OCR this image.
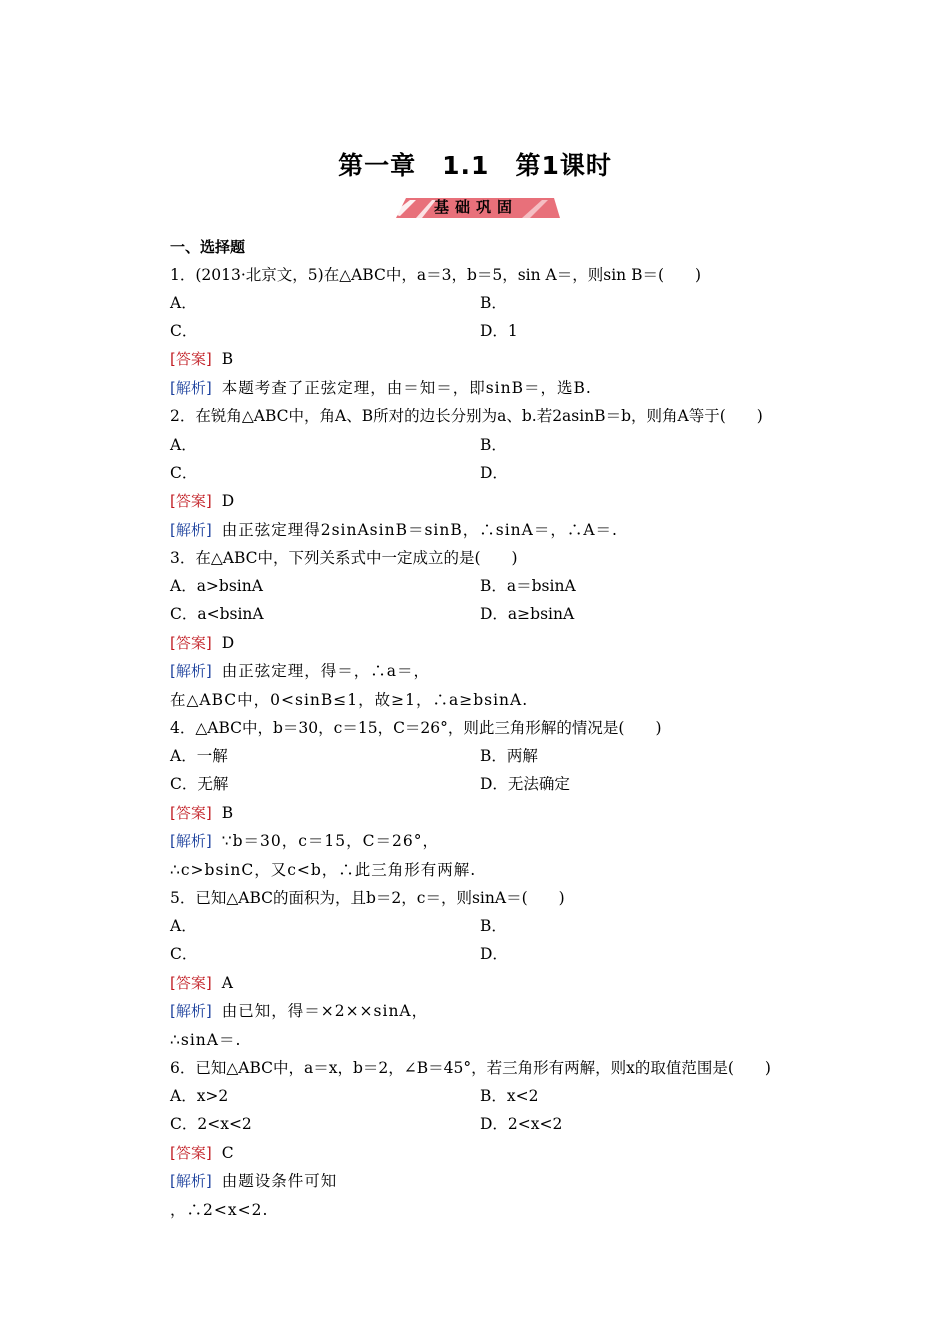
第一章　1.1　第1课时
基础巩固
一、选择题
1．(2013·北京文，5)在△ABC中，a＝3，b＝5，sin A＝，则sin B＝(　　)
A．	B．
C．	D．1
[答案] B
[解析] 本题考查了正弦定理，由＝知＝，即sinB＝，选B.
2．在锐角△ABC中，角A、B所对的边长分别为a、b.若2asinB＝b，则角A等于(　　)
A．	B．
C．	D．
[答案] D
[解析] 由正弦定理得2sinAsinB＝sinB，∴sinA＝，∴A＝.
3．在△ABC中，下列关系式中一定成立的是(　　)
A．a>bsinA	B．a＝bsinA
C．a<bsinA	D．a≥bsinA
[答案] D
[解析] 由正弦定理，得＝，∴a＝，
在△ABC中，0<sinB≤1，故≥1，∴a≥bsinA.
4．△ABC中，b＝30，c＝15，C＝26°，则此三角形解的情况是(　　)
A．一解	B．两解
C．无解	D．无法确定
[答案] B
[解析] ∵b＝30，c＝15，C＝26°，
∴c>bsinC，又c<b，∴此三角形有两解.
5．已知△ABC的面积为，且b＝2，c＝，则sinA＝(　　)
A．	B．
C．	D．
[答案] A
[解析] 由已知，得＝×2××sinA，
∴sinA＝.
6．已知△ABC中，a＝x，b＝2，∠B＝45°，若三角形有两解，则x的取值范围是(　　)
A．x>2	B．x<2
C．2<x<2	D．2<x<2
[答案] C
[解析] 由题设条件可知
，∴2<x<2.
